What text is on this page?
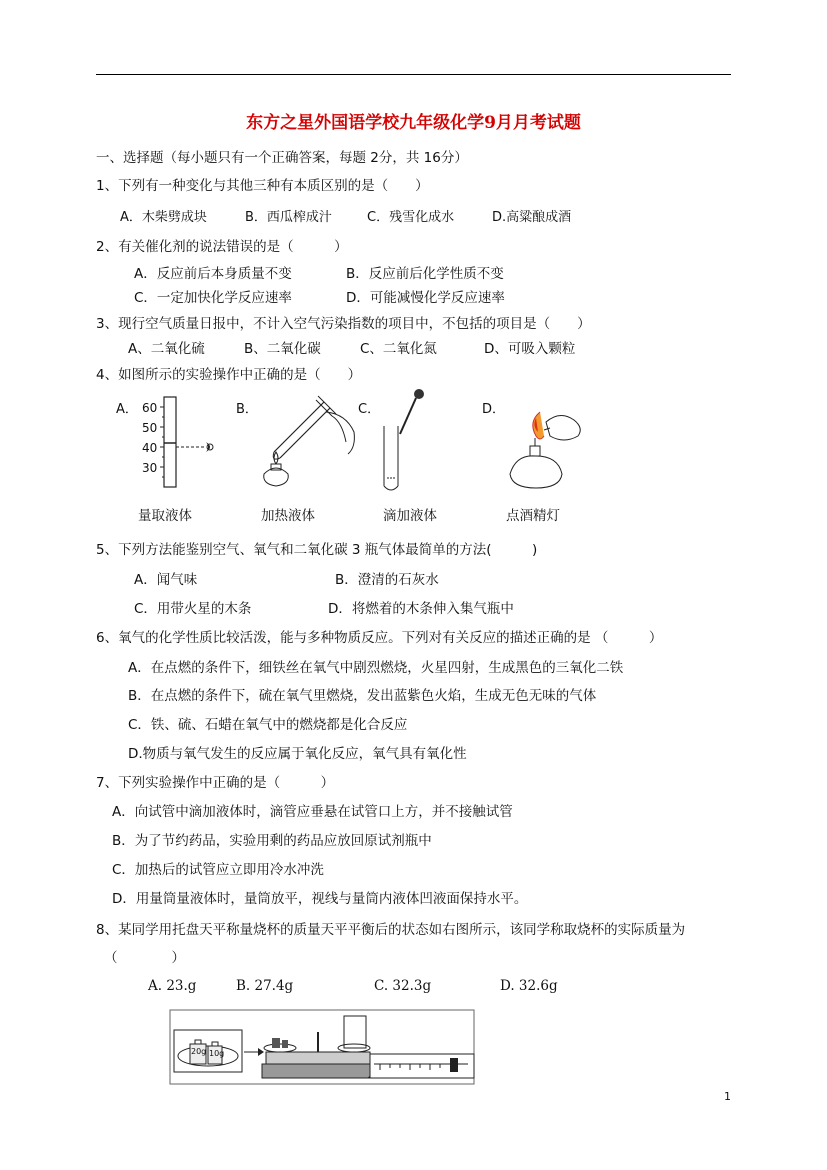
东方之星外国语学校九年级化学9月月考试题
一、选择题（每小题只有一个正确答案，每题 2分，共 16分）
1、下列有一种变化与其他三种有本质区别的是（　　）
A．木柴劈成块	B．西瓜榨成汁	C．残雪化成水	D.高粱酿成酒
2、有关催化剂的说法错误的是（　　　）
A．反应前后本身质量不变	B．反应前后化学性质不变
C．一定加快化学反应速率	D．可能减慢化学反应速率
3、现行空气质量日报中，不计入空气污染指数的项目中，不包括的项目是（　　）
A、二氧化硫	B、二氧化碳	C、二氧化氮	D、可吸入颗粒
4、如图所示的实验操作中正确的是（　　）
A．	B．	C．	D．
60
50
40
30
量取液体	加热液体	滴加液体	点酒精灯
5、下列方法能鉴别空气、氧气和二氧化碳 3 瓶气体最简单的方法(　　　)
A．闻气味	B．澄清的石灰水
C．用带火星的木条	D．将燃着的木条伸入集气瓶中
6、氧气的化学性质比较活泼，能与多种物质反应。下列对有关反应的描述正确的是 （　　　）
A．在点燃的条件下，细铁丝在氧气中剧烈燃烧，火星四射，生成黑色的三氧化二铁
B．在点燃的条件下，硫在氧气里燃烧，发出蓝紫色火焰，生成无色无味的气体
C．铁、硫、石蜡在氧气中的燃烧都是化合反应
D.物质与氧气发生的反应属于氧化反应，氧气具有氧化性
7、下列实验操作中正确的是（　　　）
A．向试管中滴加液体时，滴管应垂悬在试管口上方，并不接触试管
B．为了节约药品，实验用剩的药品应放回原试剂瓶中
C．加热后的试管应立即用冷水冲洗
D．用量筒量液体时，量筒放平，视线与量筒内液体凹液面保持水平。
8、某同学用托盘天平称量烧杯的质量天平平衡后的状态如右图所示，该同学称取烧杯的实际质量为
（　　　　）
A. 23.g	B. 27.4g	C. 32.3g	D. 32.6g
20g 10g
1
